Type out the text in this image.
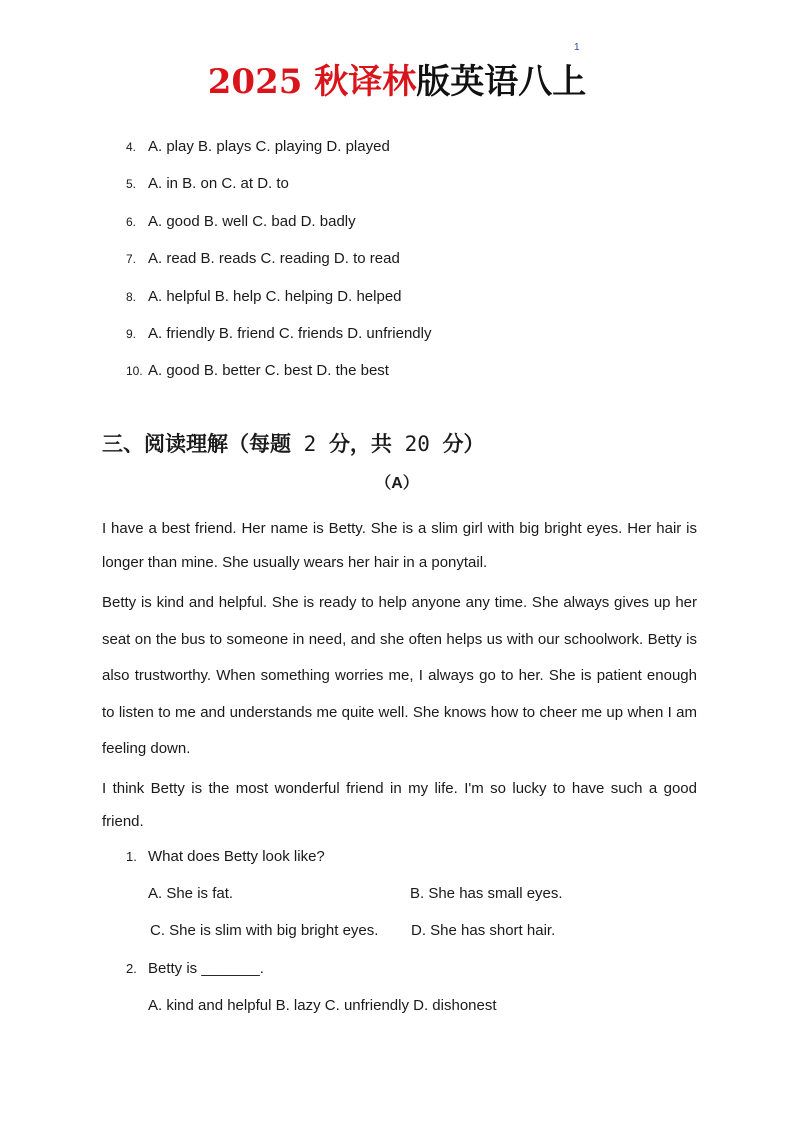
1
2025 秋译林版英语八上
4. A. play B. plays C. playing D. played
5. A. in B. on C. at D. to
6. A. good B. well C. bad D. badly
7. A. read B. reads C. reading D. to read
8. A. helpful B. help C. helping D. helped
9. A. friendly B. friend C. friends D. unfriendly
10. A. good B. better C. best D. the best
三、阅读理解（每题 2 分，共 20 分）
（A）

I have a best friend. Her name is Betty. She is a slim girl with big bright eyes. Her hair is longer than mine. She usually wears her hair in a ponytail.

Betty is kind and helpful. She is ready to help anyone any time. She always gives up her seat on the bus to someone in need, and she often helps us with our schoolwork. Betty is also trustworthy. When something worries me, I always go to her. She is patient enough to listen to me and understands me quite well. She knows how to cheer me up when I am feeling down.

I think Betty is the most wonderful friend in my life. I'm so lucky to have such a good friend.

1. What does Betty look like?
A. She is fat.	B. She has small eyes.
C. She is slim with big bright eyes. D. She has short hair.
2. Betty is _______.
A. kind and helpful B. lazy C. unfriendly D. dishonest
